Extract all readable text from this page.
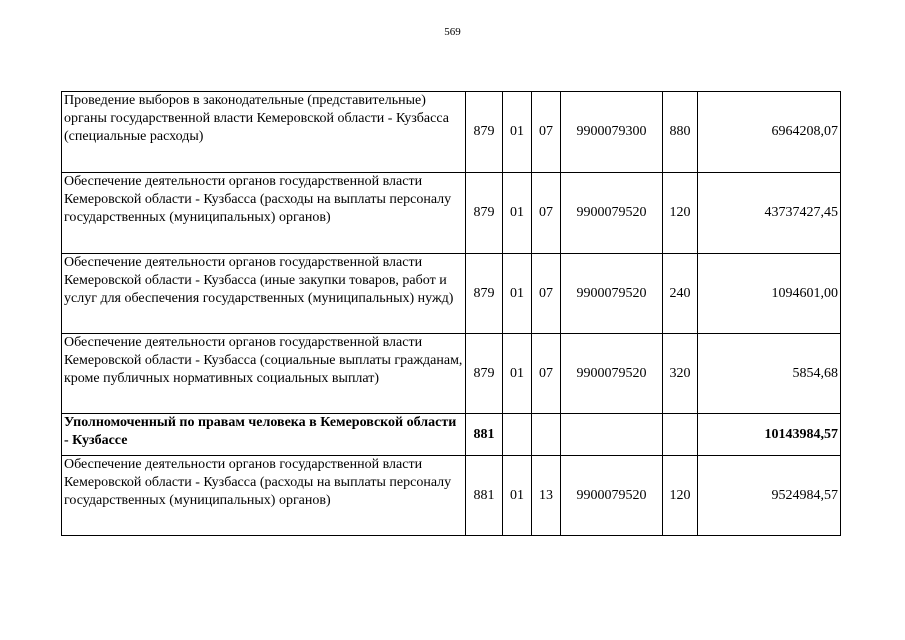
569
Проведение выборов в законодательные (представительные) органы государственной власти Кемеровской области - Кузбасса (специальные расходы)	879	01	07	9900079300	880	6964208,07
Обеспечение деятельности органов государственной власти Кемеровской области - Кузбасса (расходы на выплаты персоналу государственных (муниципальных) органов)	879	01	07	9900079520	120	43737427,45
Обеспечение деятельности органов государственной власти Кемеровской области - Кузбасса (иные закупки товаров, работ и услуг для обеспечения государственных (муниципальных) нужд)	879	01	07	9900079520	240	1094601,00
Обеспечение деятельности органов государственной власти Кемеровской области - Кузбасса (социальные выплаты гражданам, кроме публичных нормативных социальных выплат)	879	01	07	9900079520	320	5854,68
Уполномоченный по правам человека в Кемеровской области - Кузбассе	881					10143984,57
Обеспечение деятельности органов государственной власти Кемеровской области - Кузбасса (расходы на выплаты персоналу государственных (муниципальных) органов)	881	01	13	9900079520	120	9524984,57
